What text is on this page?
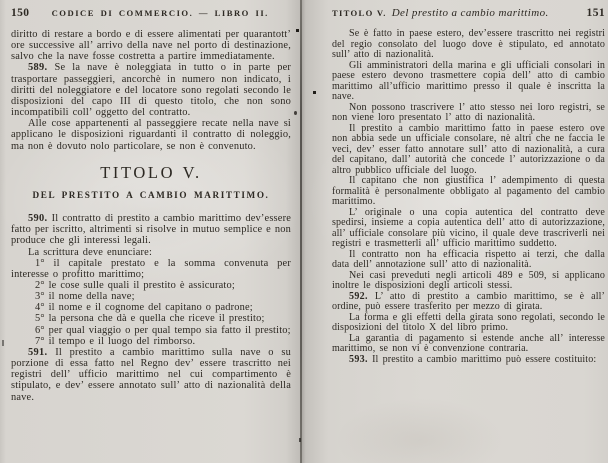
150	CODICE DI COMMERCIO. — LIBRO II.

diritto di restare a bordo e di essere alimentati per quarantott’ ore successive all’ arrivo della nave nel porto di destinazione, salvo che la nave fosse costretta a partire immediatamente.

589. Se la nave è noleggiata in tutto o in parte per trasportare passeggieri, ancorchè in numero non indicato, i diritti del noleggiatore e del locatore sono regolati secondo le disposizioni del capo III di questo titolo, che non sono incompatibili coll’ oggetto del contratto.

Alle cose appartenenti al passeggiere recate nella nave si applicano le disposizioni riguardanti il contratto di noleggio, ma non è dovuto nolo particolare, se non è convenuto.

TITOLO V.
DEL PRESTITO A CAMBIO MARITTIMO.

590. Il contratto di prestito a cambio marittimo dev’essere fatto per iscritto, altrimenti si risolve in mutuo semplice e non produce che gli interessi legali.

La scrittura deve enunciare:

1° il capitale prestato e la somma convenuta per interesse o profitto marittimo;

2° le cose sulle quali il prestito è assicurato;

3° il nome della nave;

4° il nome e il cognome del capitano o padrone;

5° la persona che dà e quella che riceve il prestito;

6° per qual viaggio o per qual tempo sia fatto il prestito;

7° il tempo e il luogo del rimborso.

591. Il prestito a cambio marittimo sulla nave o su porzione di essa fatto nel Regno dev’ essere trascritto nei registri dell’ ufficio marittimo nel cui compartimento è stipulato, e dev’ essere annotato sull’ atto di nazionalità della nave.

TITOLO V. Del prestito a cambio marittimo.	151

Se è fatto in paese estero, dev’essere trascritto nei registri del regio consolato del luogo dove è stipulato, ed annotato sull’ atto di nazionalità.

Gli amministratori della marina e gli ufficiali consolari in paese estero devono trasmettere copia dell’ atto di cambio marittimo all’ufficio marittimo presso il quale è inscritta la nave.

Non possono trascrivere l’ atto stesso nei loro registri, se non viene loro presentato l’ atto di nazionalità.

Il prestito a cambio marittimo fatto in paese estero ove non abbia sede un ufficiale consolare, nè altri che ne faccia le veci, dev’ esser fatto annotare sull’ atto di nazionalità, a cura del capitano, dall’ autorità che concede l’ autorizzazione o da altro pubblico ufficiale del luogo.

Il capitano che non giustifica l’ adempimento di questa formalità è personalmente obbligato al pagamento del cambio marittimo.

L’ originale o una copia autentica del contratto deve spedirsi, insieme a copia autentica dell’ atto di autorizzazione, all’ ufficiale consolare più vicino, il quale deve trascriverli nei registri e trasmetterli all’ ufficio marittimo suddetto.

Il contratto non ha efficacia rispetto ai terzi, che dalla data dell’ annotazione sull’ atto di nazionalità.

Nei casi preveduti negli articoli 489 e 509, si applicano inoltre le disposizioni degli articoli stessi.

592. L’ atto di prestito a cambio marittimo, se è all’ ordine, può essere trasferito per mezzo di girata.

La forma e gli effetti della girata sono regolati, secondo le disposizioni del titolo X del libro primo.

La garantìa di pagamento si estende anche all’ interesse marittimo, se non vi è convenzione contraria.

593. Il prestito a cambio marittimo può essere costituito:
